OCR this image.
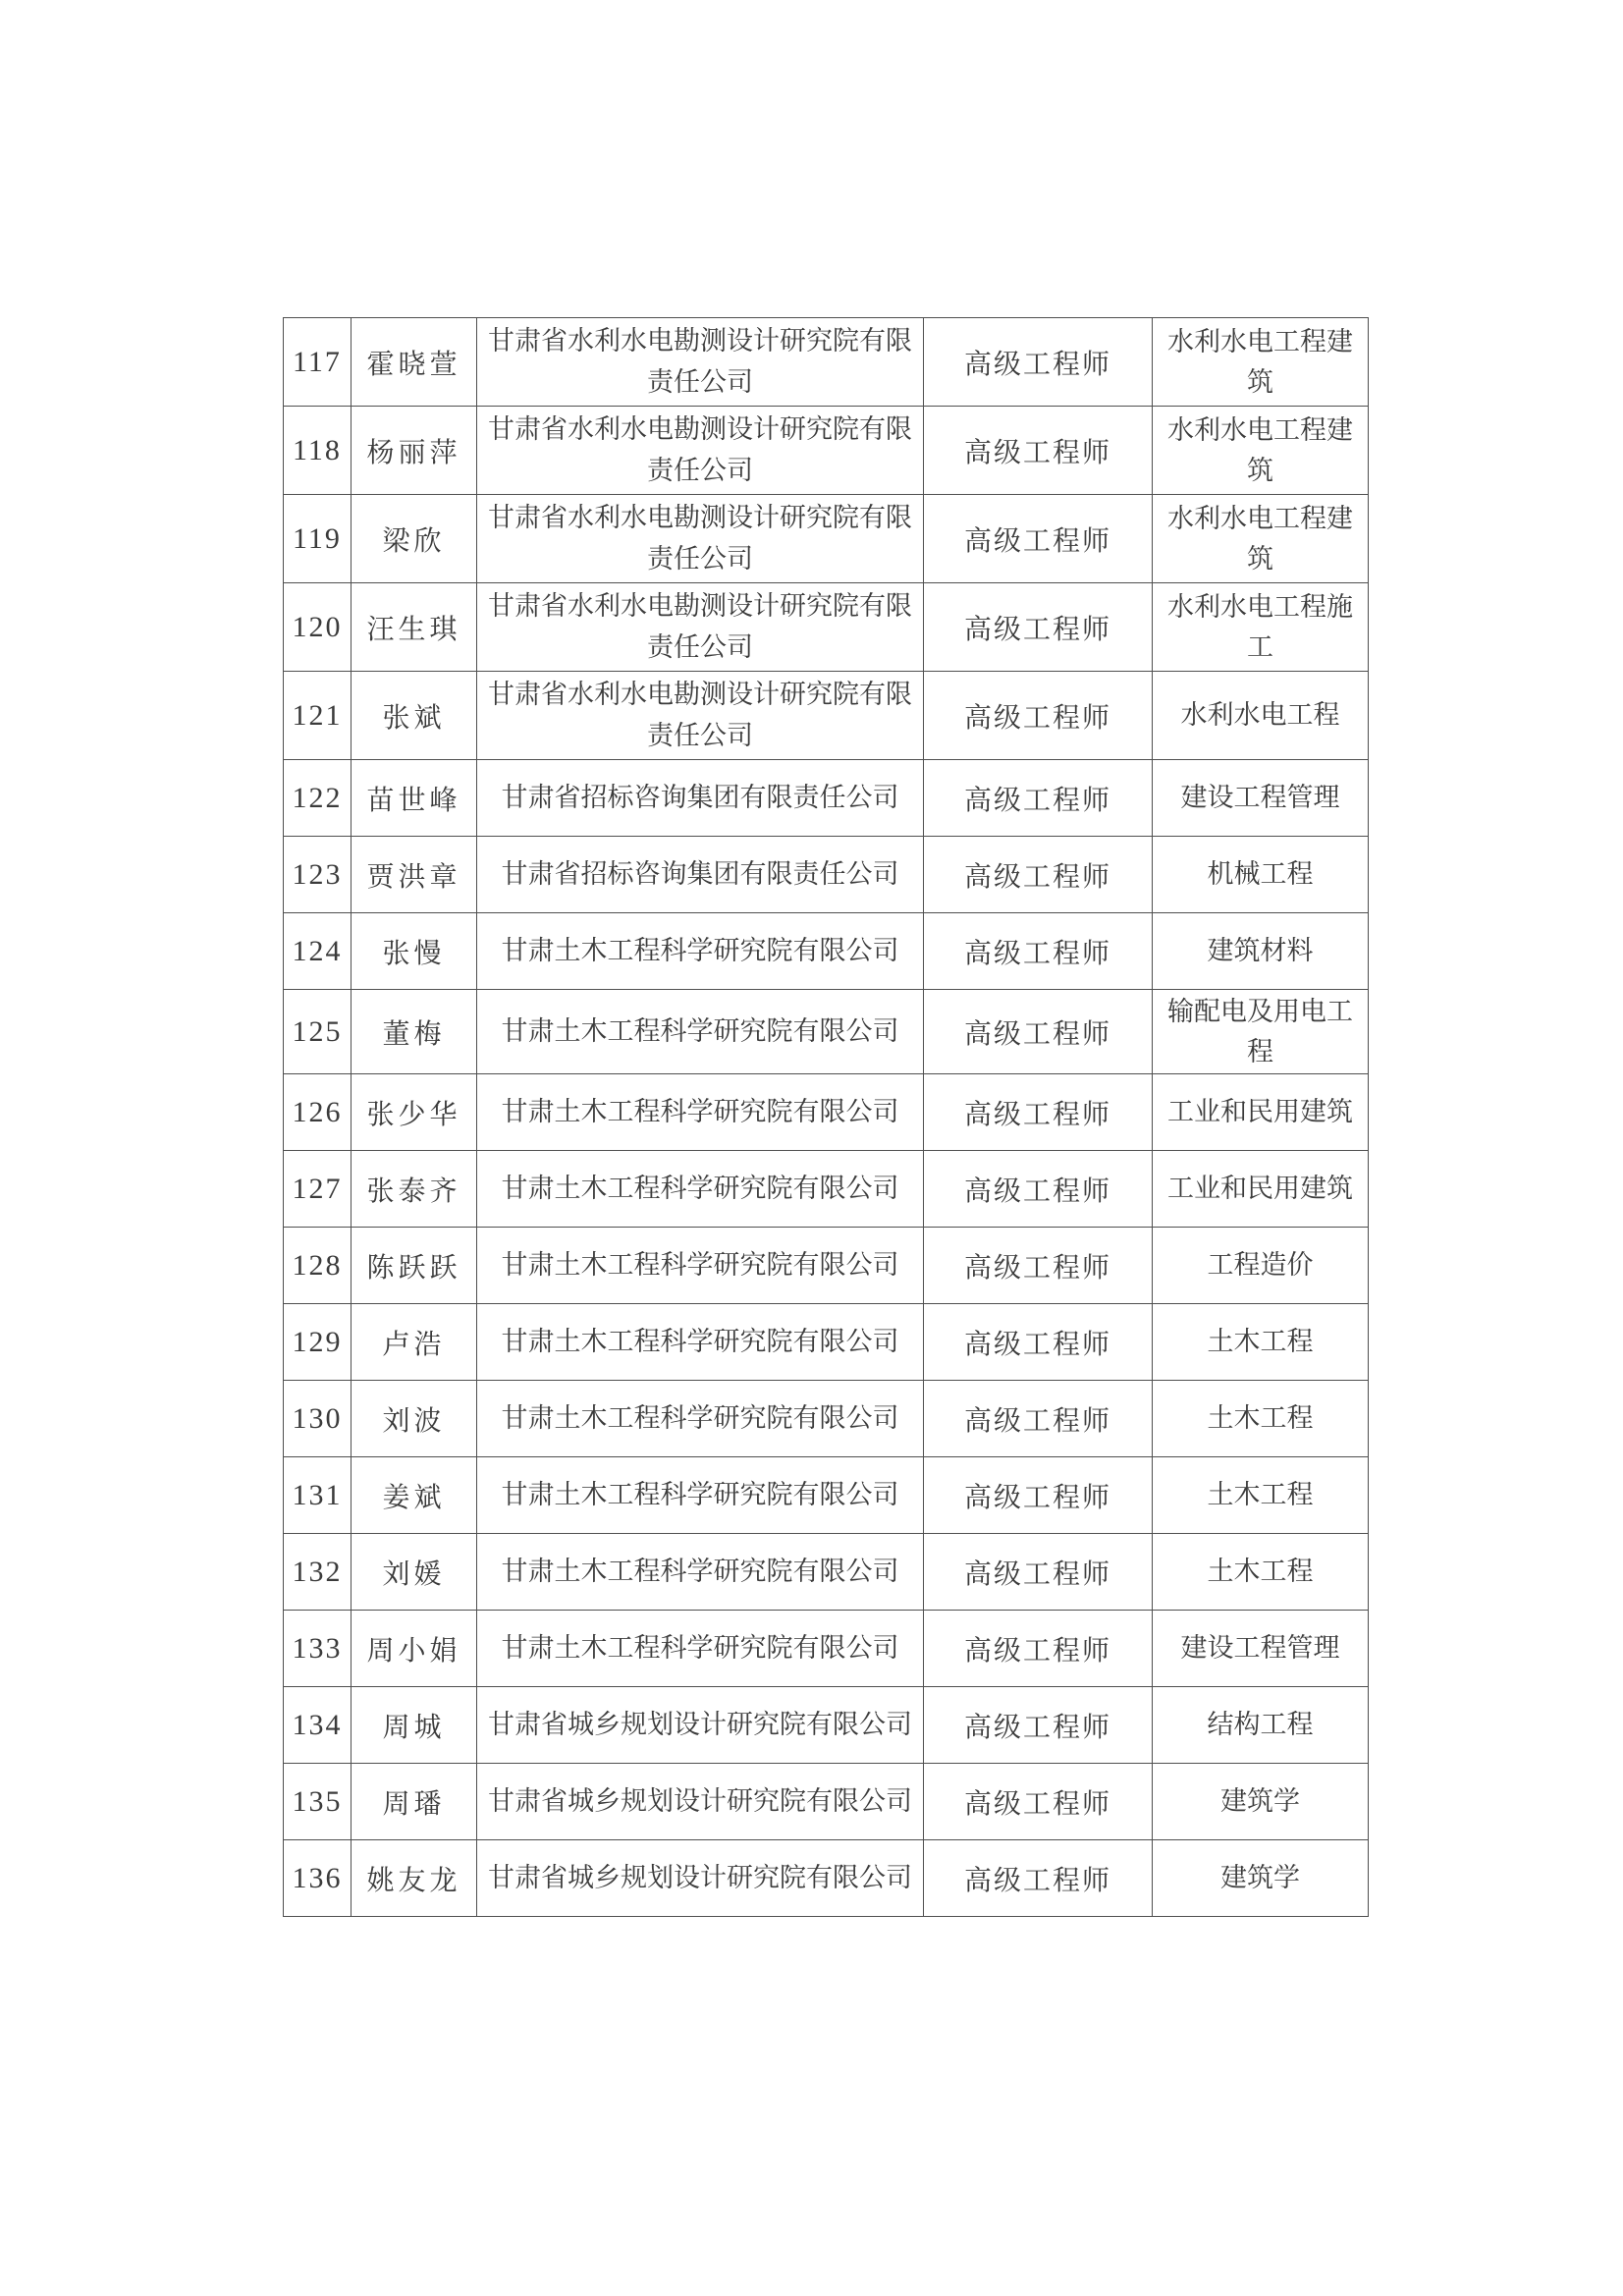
117	霍晓萱	甘肃省水利水电勘测设计研究院有限责任公司	高级工程师	水利水电工程建筑
118	杨丽萍	甘肃省水利水电勘测设计研究院有限责任公司	高级工程师	水利水电工程建筑
119	梁欣	甘肃省水利水电勘测设计研究院有限责任公司	高级工程师	水利水电工程建筑
120	汪生琪	甘肃省水利水电勘测设计研究院有限责任公司	高级工程师	水利水电工程施工
121	张斌	甘肃省水利水电勘测设计研究院有限责任公司	高级工程师	水利水电工程
122	苗世峰	甘肃省招标咨询集团有限责任公司	高级工程师	建设工程管理
123	贾洪章	甘肃省招标咨询集团有限责任公司	高级工程师	机械工程
124	张慢	甘肃土木工程科学研究院有限公司	高级工程师	建筑材料
125	董梅	甘肃土木工程科学研究院有限公司	高级工程师	输配电及用电工程
126	张少华	甘肃土木工程科学研究院有限公司	高级工程师	工业和民用建筑
127	张泰齐	甘肃土木工程科学研究院有限公司	高级工程师	工业和民用建筑
128	陈跃跃	甘肃土木工程科学研究院有限公司	高级工程师	工程造价
129	卢浩	甘肃土木工程科学研究院有限公司	高级工程师	土木工程
130	刘波	甘肃土木工程科学研究院有限公司	高级工程师	土木工程
131	姜斌	甘肃土木工程科学研究院有限公司	高级工程师	土木工程
132	刘媛	甘肃土木工程科学研究院有限公司	高级工程师	土木工程
133	周小娟	甘肃土木工程科学研究院有限公司	高级工程师	建设工程管理
134	周城	甘肃省城乡规划设计研究院有限公司	高级工程师	结构工程
135	周璠	甘肃省城乡规划设计研究院有限公司	高级工程师	建筑学
136	姚友龙	甘肃省城乡规划设计研究院有限公司	高级工程师	建筑学
